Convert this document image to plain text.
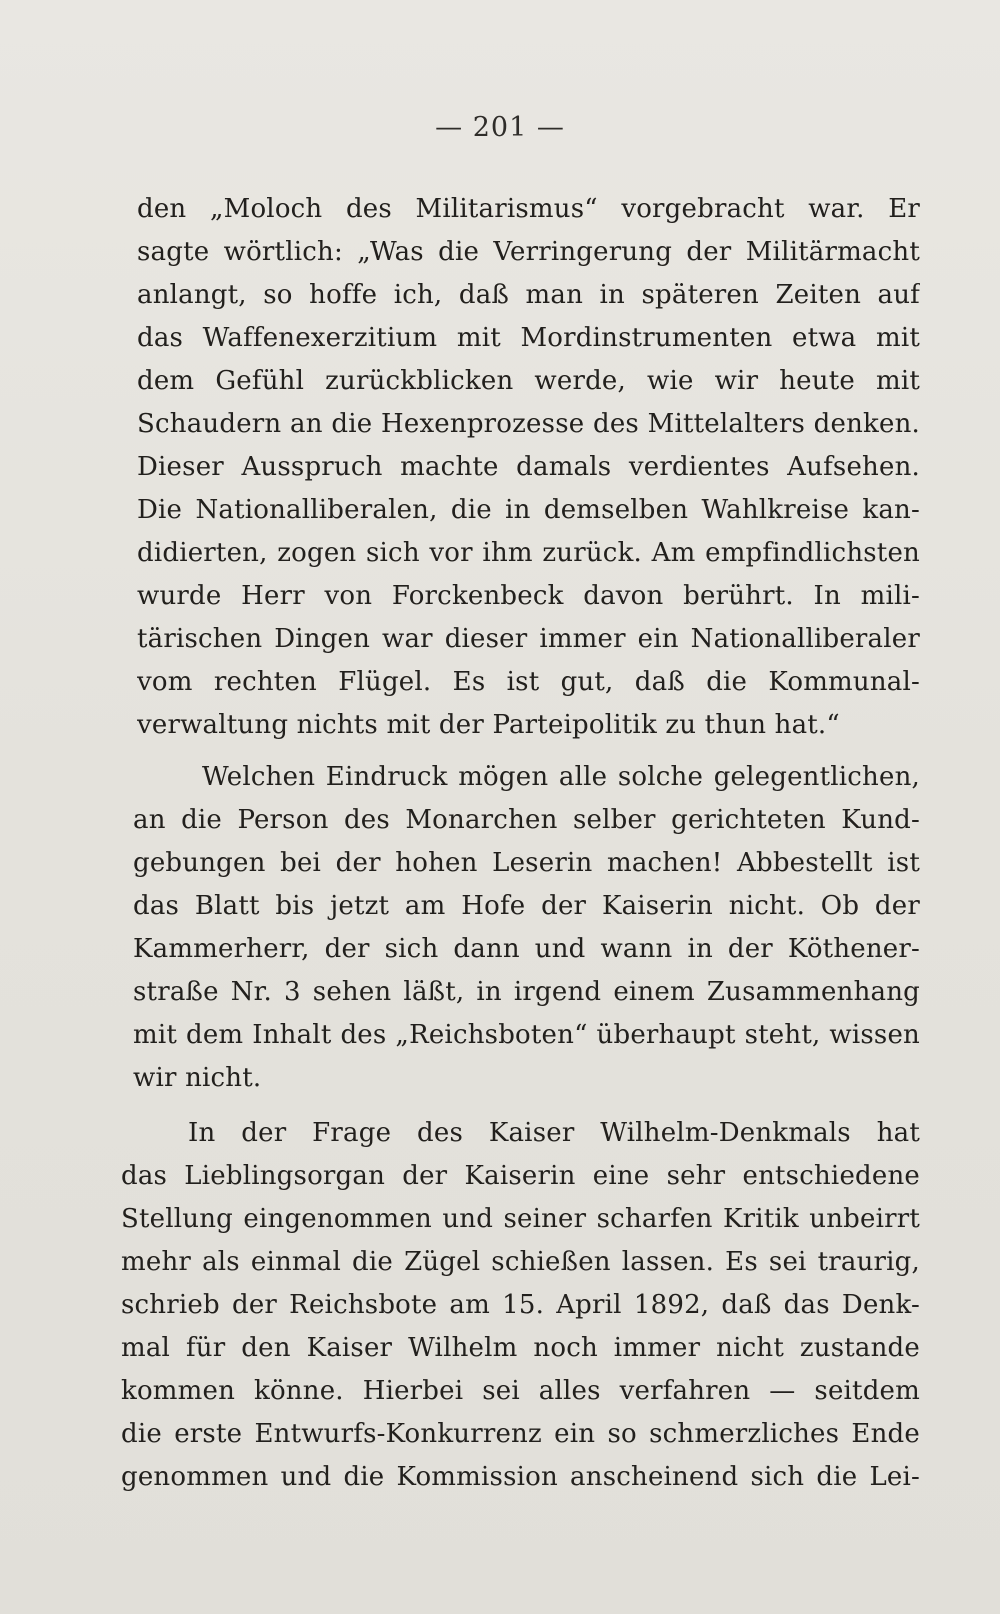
— 201 —
den „Moloch des Militarismus“ vorgebracht war. Er
sagte wörtlich: „Was die Verringerung der Militärmacht
anlangt, so hoffe ich, daß man in späteren Zeiten auf
das Waffenexerzitium mit Mordinstrumenten etwa mit
dem Gefühl zurückblicken werde, wie wir heute mit
Schaudern an die Hexenprozesse des Mittelalters denken.
Dieser Ausspruch machte damals verdientes Aufsehen.
Die Nationalliberalen, die in demselben Wahlkreise kan-
didierten, zogen sich vor ihm zurück. Am empfindlichsten
wurde Herr von Forckenbeck davon berührt. In mili-
tärischen Dingen war dieser immer ein Nationalliberaler
vom rechten Flügel. Es ist gut, daß die Kommunal-
verwaltung nichts mit der Parteipolitik zu thun hat.“
Welchen Eindruck mögen alle solche gelegentlichen,
an die Person des Monarchen selber gerichteten Kund-
gebungen bei der hohen Leserin machen! Abbestellt ist
das Blatt bis jetzt am Hofe der Kaiserin nicht. Ob der
Kammerherr, der sich dann und wann in der Köthener-
straße Nr. 3 sehen läßt, in irgend einem Zusammenhang
mit dem Inhalt des „Reichsboten“ überhaupt steht, wissen
wir nicht.
In der Frage des Kaiser Wilhelm-Denkmals hat
das Lieblingsorgan der Kaiserin eine sehr entschiedene
Stellung eingenommen und seiner scharfen Kritik unbeirrt
mehr als einmal die Zügel schießen lassen. Es sei traurig,
schrieb der Reichsbote am 15. April 1892, daß das Denk-
mal für den Kaiser Wilhelm noch immer nicht zustande
kommen könne. Hierbei sei alles verfahren — seitdem
die erste Entwurfs-Konkurrenz ein so schmerzliches Ende
genommen und die Kommission anscheinend sich die Lei-
